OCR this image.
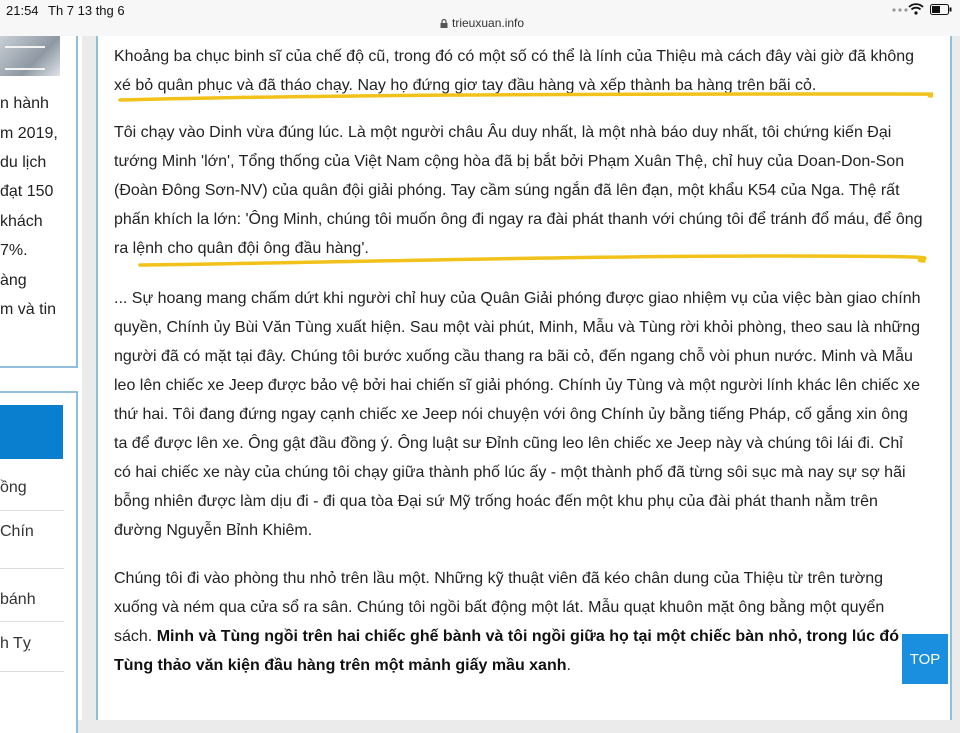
21:54 Th 7 13 thg 6
trieuxuan.info
n hành
m 2019,
du lịch
đạt 150
khách
7%.
àng
m và tin
ồng
Chín
bánh
h Tỵ

Khoảng ba chục binh sĩ của chế độ cũ, trong đó có một số có thể là lính của Thiệu mà cách đây vài giờ đã không xé bỏ quân phục và đã tháo chạy. Nay họ đứng giơ tay đầu hàng và xếp thành ba hàng trên bãi cỏ.

Tôi chạy vào Dinh vừa đúng lúc. Là một người châu Âu duy nhất, là một nhà báo duy nhất, tôi chứng kiến Đại tướng Minh 'lớn', Tổng thống của Việt Nam cộng hòa đã bị bắt bởi Phạm Xuân Thệ, chỉ huy của Doan-Don-Son (Đoàn Đông Sơn-NV) của quân đội giải phóng. Tay cầm súng ngắn đã lên đạn, một khẩu K54 của Nga. Thệ rất phấn khích la lớn: 'Ông Minh, chúng tôi muốn ông đi ngay ra đài phát thanh với chúng tôi để tránh đổ máu, để ông ra lệnh cho quân đội ông đầu hàng'.

... Sự hoang mang chấm dứt khi người chỉ huy của Quân Giải phóng được giao nhiệm vụ của việc bàn giao chính quyền, Chính ủy Bùi Văn Tùng xuất hiện. Sau một vài phút, Minh, Mẫu và Tùng rời khỏi phòng, theo sau là những người đã có mặt tại đây. Chúng tôi bước xuống cầu thang ra bãi cỏ, đến ngang chỗ vòi phun nước. Minh và Mẫu leo lên chiếc xe Jeep được bảo vệ bởi hai chiến sĩ giải phóng. Chính ủy Tùng và một người lính khác lên chiếc xe thứ hai. Tôi đang đứng ngay cạnh chiếc xe Jeep nói chuyện với ông Chính ủy bằng tiếng Pháp, cố gắng xin ông ta để được lên xe. Ông gật đầu đồng ý. Ông luật sư Đỉnh cũng leo lên chiếc xe Jeep này và chúng tôi lái đi. Chỉ có hai chiếc xe này của chúng tôi chạy giữa thành phố lúc ấy - một thành phố đã từng sôi sục mà nay sự sợ hãi bỗng nhiên được làm dịu đi - đi qua tòa Đại sứ Mỹ trống hoác đến một khu phụ của đài phát thanh nằm trên đường Nguyễn Bỉnh Khiêm.

Chúng tôi đi vào phòng thu nhỏ trên lầu một. Những kỹ thuật viên đã kéo chân dung của Thiệu từ trên tường xuống và ném qua cửa sổ ra sân. Chúng tôi ngồi bất động một lát. Mẫu quạt khuôn mặt ông bằng một quyển sách. Minh và Tùng ngồi trên hai chiếc ghế bành và tôi ngồi giữa họ tại một chiếc bàn nhỏ, trong lúc đó Tùng thảo văn kiện đầu hàng trên một mảnh giấy mầu xanh.	TOP
